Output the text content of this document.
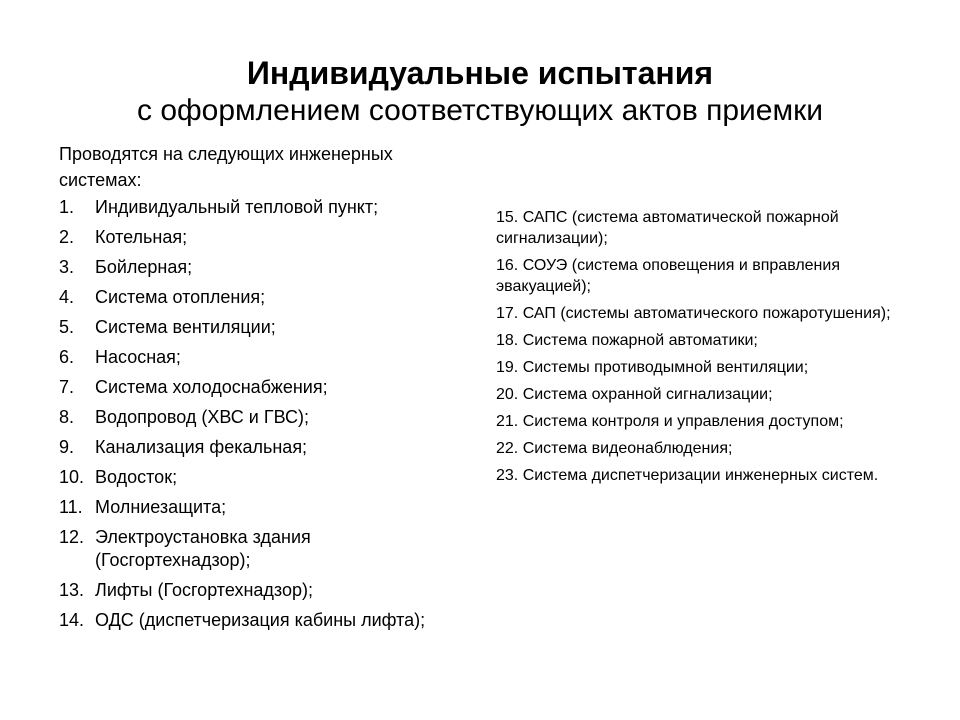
Индивидуальные испытания
с оформлением соответствующих актов приемки
Проводятся на следующих инженерных системах:
1. Индивидуальный тепловой пункт;
2. Котельная;
3. Бойлерная;
4. Система отопления;
5. Система вентиляции;
6. Насосная;
7. Система холодоснабжения;
8. Водопровод (ХВС и ГВС);
9. Канализация фекальная;
10. Водосток;
11. Молниезащита;
12. Электроустановка здания (Госгортехнадзор);
13. Лифты (Госгортехнадзор);
14. ОДС (диспетчеризация кабины лифта);
15. САПС (система автоматической пожарной сигнализации);
16. СОУЭ (система оповещения и вправления эвакуацией);
17. САП (системы автоматического пожаротушения);
18. Система пожарной автоматики;
19. Системы противодымной вентиляции;
20. Система охранной сигнализации;
21. Система контроля и управления доступом;
22. Система видеонаблюдения;
23. Система диспетчеризации инженерных систем.
